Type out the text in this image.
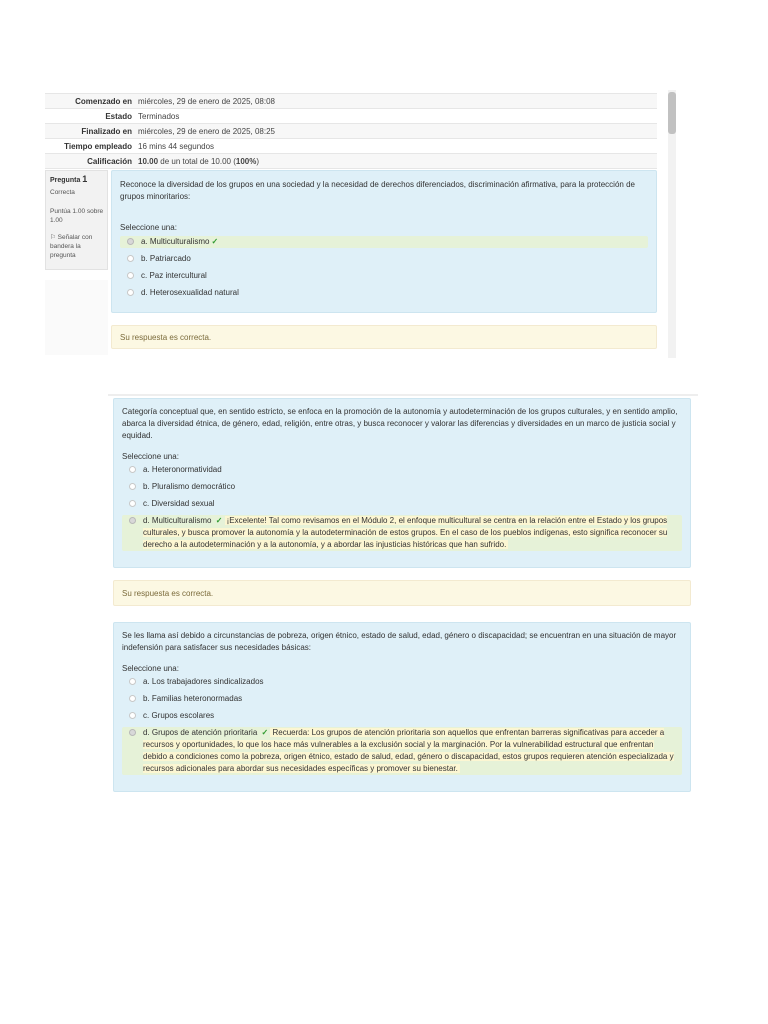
Comenzado en miércoles, 29 de enero de 2025, 08:08
Estado Terminados
Finalizado en miércoles, 29 de enero de 2025, 08:25
Tiempo empleado 16 mins 44 segundos
Calificación 10.00 de un total de 10.00 (100%)
Pregunta 1

Correcta

Puntúa 1.00 sobre 1.00

⚐ Señalar con bandera la pregunta

Reconoce la diversidad de los grupos en una sociedad y la necesidad de derechos diferenciados, discriminación afirmativa, para la protección de grupos minoritarios:
Seleccione una:
a. Multiculturalismo ✓
b. Patriarcado
c. Paz intercultural
d. Heterosexualidad natural
Su respuesta es correcta.
Categoría conceptual que, en sentido estricto, se enfoca en la promoción de la autonomía y autodeterminación de los grupos culturales, y en sentido amplio, abarca la diversidad étnica, de género, edad, religión, entre otras, y busca reconocer y valorar las diferencias y diversidades en un marco de justicia social y equidad.
Seleccione una:
a. Heteronormatividad
b. Pluralismo democrático
c. Diversidad sexual
d. Multiculturalismo ✓ ¡Excelente! Tal como revisamos en el Módulo 2, el enfoque multicultural se centra en la relación entre el Estado y los grupos culturales, y busca promover la autonomía y la autodeterminación de estos grupos. En el caso de los pueblos indígenas, esto significa reconocer su derecho a la autodeterminación y a la autonomía, y a abordar las injusticias históricas que han sufrido.
Su respuesta es correcta.
Se les llama así debido a circunstancias de pobreza, origen étnico, estado de salud, edad, género o discapacidad; se encuentran en una situación de mayor indefensión para satisfacer sus necesidades básicas:
Seleccione una:
a. Los trabajadores sindicalizados
b. Familias heteronormadas
c. Grupos escolares
d. Grupos de atención prioritaria ✓ Recuerda: Los grupos de atención prioritaria son aquellos que enfrentan barreras significativas para acceder a recursos y oportunidades, lo que los hace más vulnerables a la exclusión social y la marginación. Por la vulnerabilidad estructural que enfrentan debido a condiciones como la pobreza, origen étnico, estado de salud, edad, género o discapacidad, estos grupos requieren atención especializada y recursos adicionales para abordar sus necesidades específicas y promover su bienestar.
